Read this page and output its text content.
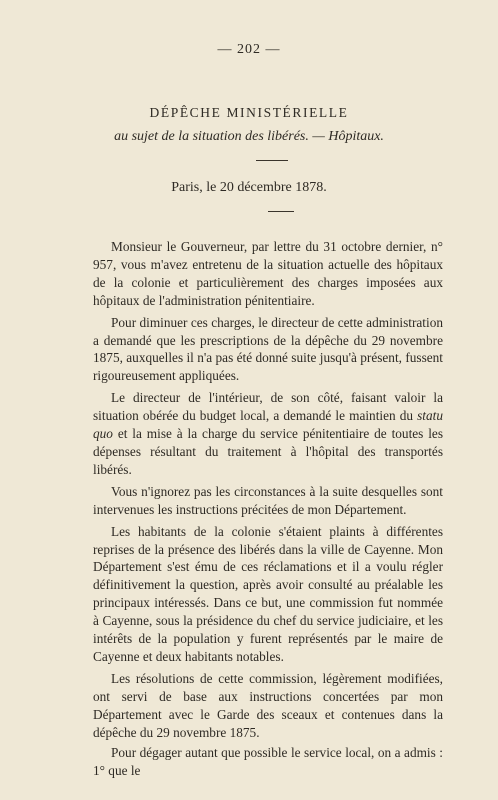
— 202 —
DÉPÊCHE MINISTÉRIELLE
au sujet de la situation des libérés. — Hôpitaux.
Paris, le 20 décembre 1878.

Monsieur le Gouverneur, par lettre du 31 octobre dernier, n° 957, vous m'avez entretenu de la situation actuelle des hôpitaux de la colonie et particulièrement des charges imposées aux hôpitaux de l'administration pénitentiaire.

Pour diminuer ces charges, le directeur de cette administration a demandé que les prescriptions de la dépêche du 29 novembre 1875, auxquelles il n'a pas été donné suite jusqu'à présent, fussent rigoureusement appliquées.

Le directeur de l'intérieur, de son côté, faisant valoir la situation obérée du budget local, a demandé le maintien du statu quo et la mise à la charge du service pénitentiaire de toutes les dépenses résultant du traitement à l'hôpital des transportés libérés.

Vous n'ignorez pas les circonstances à la suite desquelles sont intervenues les instructions précitées de mon Département.

Les habitants de la colonie s'étaient plaints à différentes reprises de la présence des libérés dans la ville de Cayenne. Mon Département s'est ému de ces réclamations et il a voulu régler définitivement la question, après avoir consulté au préalable les principaux intéressés. Dans ce but, une commission fut nommée à Cayenne, sous la présidence du chef du service judiciaire, et les intérêts de la population y furent représentés par le maire de Cayenne et deux habitants notables.

Les résolutions de cette commission, légèrement modifiées, ont servi de base aux instructions concertées par mon Département avec le Garde des sceaux et contenues dans la dépêche du 29 novembre 1875.

Pour dégager autant que possible le service local, on a admis : 1° que le
